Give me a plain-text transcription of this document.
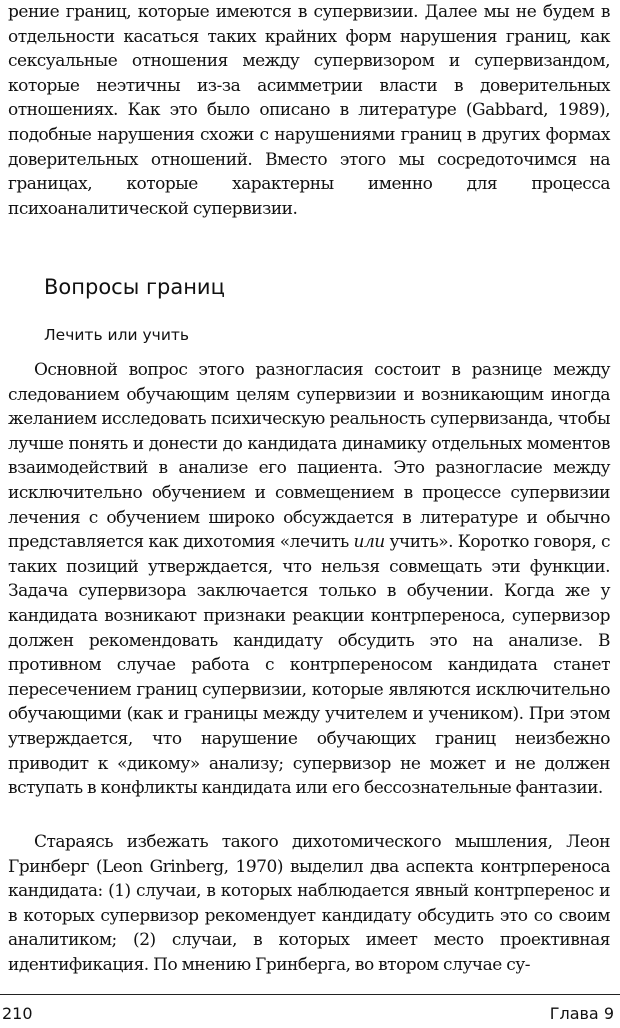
рение границ, которые имеются в супервизии. Далее мы не будем в отдельности касаться таких крайних форм нарушения границ, как сексуальные отношения между супервизором и супервизандом, которые неэтичны из-за асимметрии власти в доверительных отношениях. Как это было описано в литературе (Gabbard, 1989), подобные нарушения схожи с нарушениями границ в других формах доверительных отношений. Вместо этого мы сосредоточимся на границах, которые характерны именно для процесса психоаналитической супервизии.

Вопросы границ
Лечить или учить

Основной вопрос этого разногласия состоит в разнице между следованием обучающим целям супервизии и возникающим иногда желанием исследовать психическую реальность супервизанда, чтобы лучше понять и донести до кандидата динамику отдельных моментов взаимодействий в анализе его пациента. Это разногласие между исключительно обучением и совмещением в процессе супервизии лечения с обучением широко обсуждается в литературе и обычно представляется как дихотомия «лечить или учить». Коротко говоря, с таких позиций утверждается, что нельзя совмещать эти функции. Задача супервизора заключается только в обучении. Когда же у кандидата возникают признаки реакции контрпереноса, супервизор должен рекомендовать кандидату обсудить это на анализе. В противном случае работа с контрпереносом кандидата станет пересечением границ супервизии, которые являются исключительно обучающими (как и границы между учителем и учеником). При этом утверждается, что нарушение обучающих границ неизбежно приводит к «дикому» анализу; супервизор не может и не должен вступать в конфликты кандидата или его бессознательные фантазии.

Стараясь избежать такого дихотомического мышления, Леон Гринберг (Leon Grinberg, 1970) выделил два аспекта контрпереноса кандидата: (1) случаи, в которых наблюдается явный контрперенос и в которых супервизор рекомендует кандидату обсудить это со своим аналитиком; (2) случаи, в которых имеет место проективная идентификация. По мнению Гринберга, во втором случае су-

210	Глава 9
